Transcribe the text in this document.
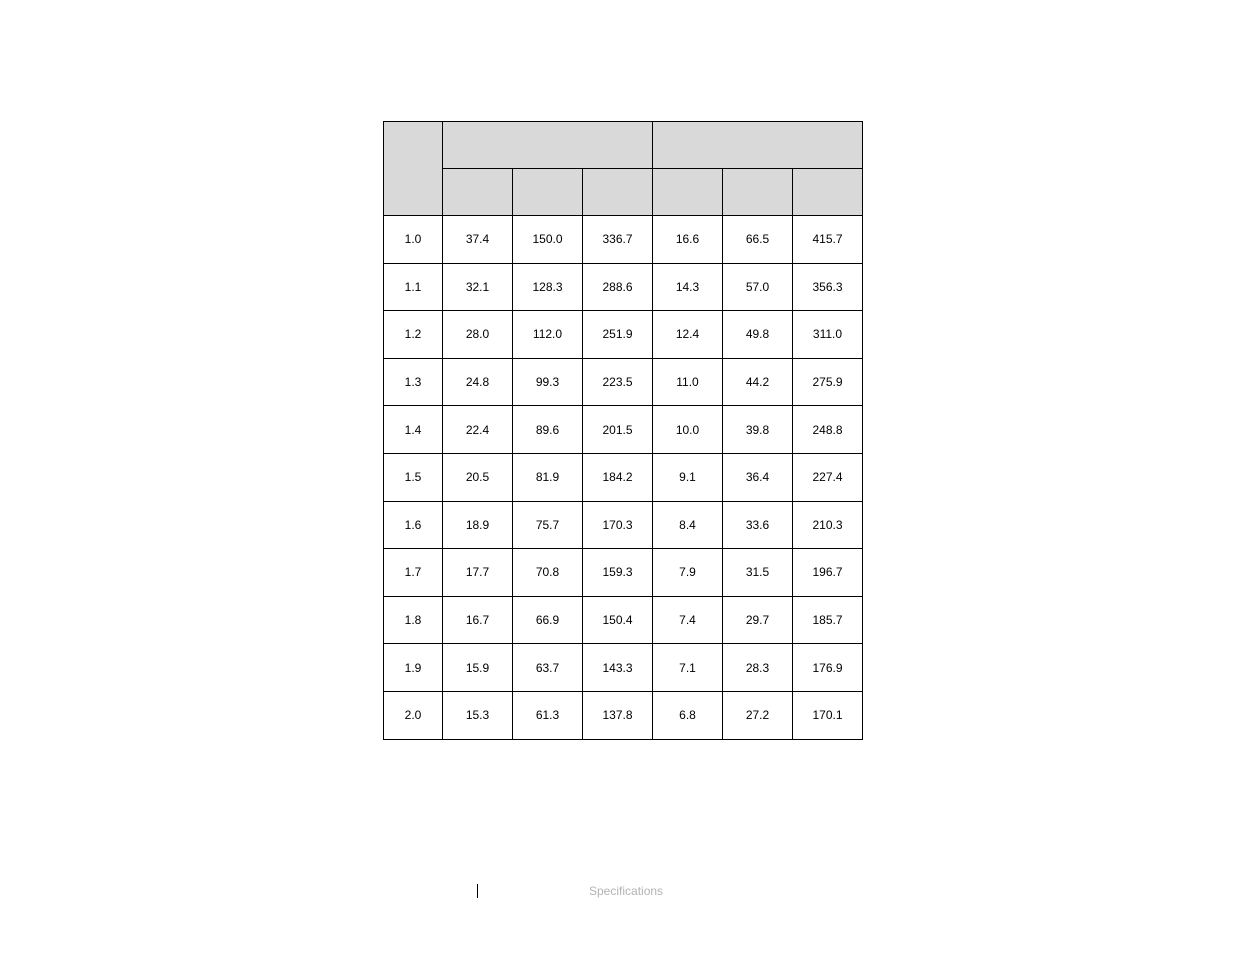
1.0	37.4	150.0	336.7	16.6	66.5	415.7
1.1	32.1	128.3	288.6	14.3	57.0	356.3
1.2	28.0	112.0	251.9	12.4	49.8	311.0
1.3	24.8	99.3	223.5	11.0	44.2	275.9
1.4	22.4	89.6	201.5	10.0	39.8	248.8
1.5	20.5	81.9	184.2	9.1	36.4	227.4
1.6	18.9	75.7	170.3	8.4	33.6	210.3
1.7	17.7	70.8	159.3	7.9	31.5	196.7
1.8	16.7	66.9	150.4	7.4	29.7	185.7
1.9	15.9	63.7	143.3	7.1	28.3	176.9
2.0	15.3	61.3	137.8	6.8	27.2	170.1
Specifications
